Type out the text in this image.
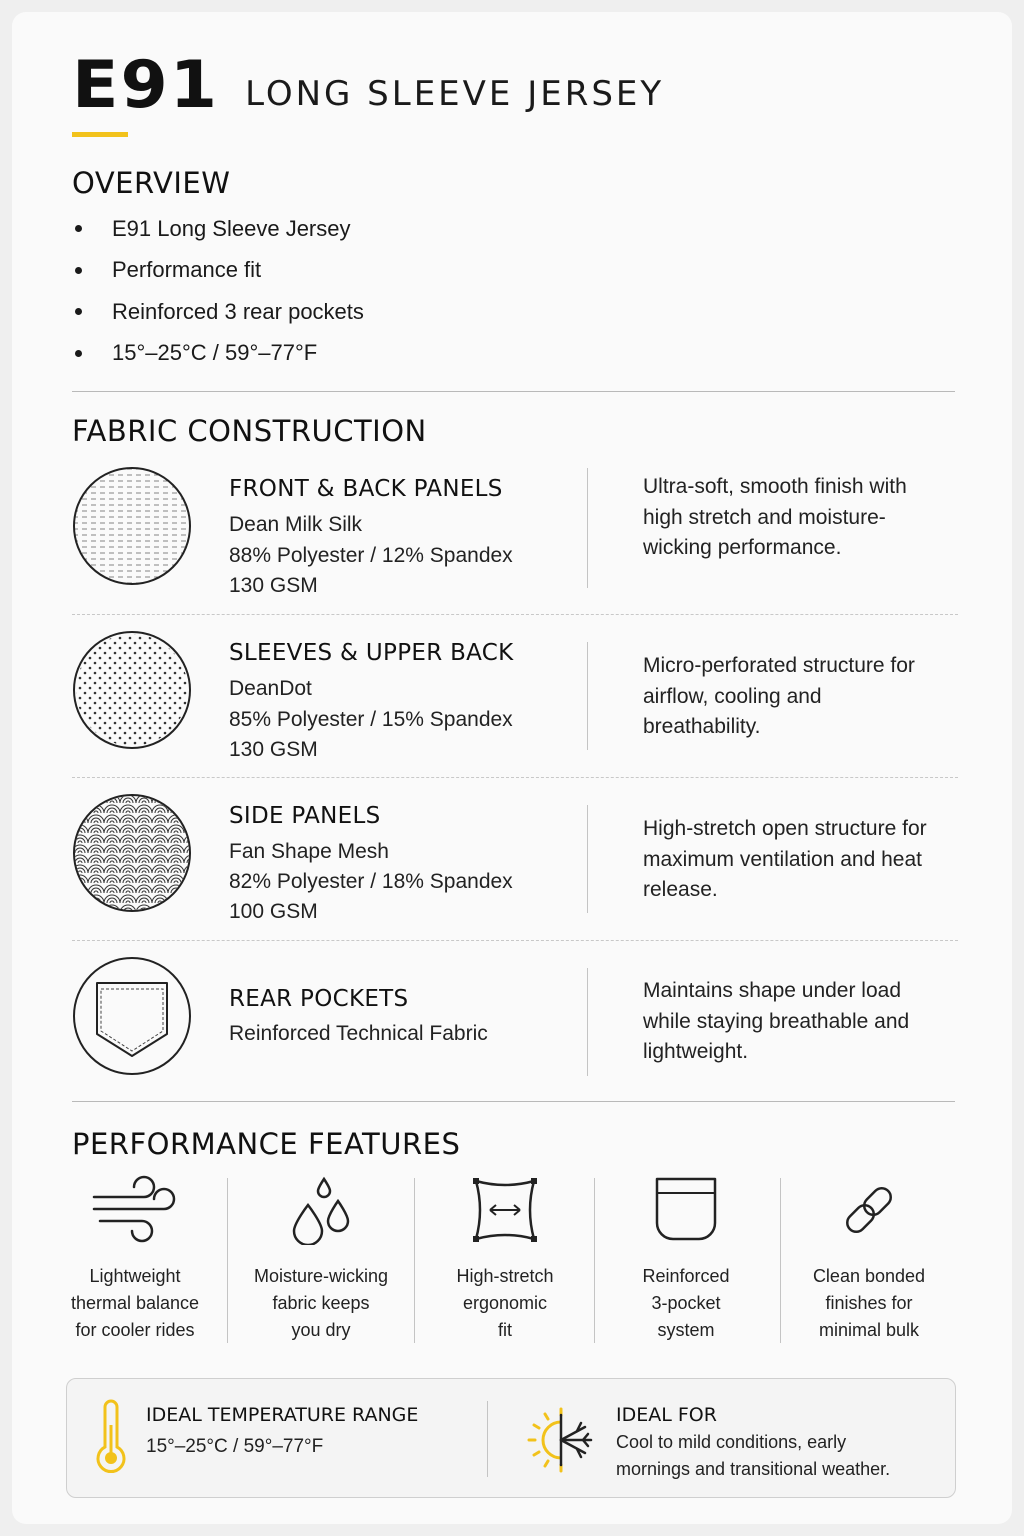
E91 LONG SLEEVE JERSEY
OVERVIEW
E91 Long Sleeve Jersey
Performance fit
Reinforced 3 rear pockets
15°–25°C / 59°–77°F
FABRIC CONSTRUCTION
FRONT & BACK PANELS
Dean Milk Silk
88% Polyester / 12% Spandex
130 GSM
Ultra-soft, smooth finish with high stretch and moisture-wicking performance.
SLEEVES & UPPER BACK
DeanDot
85% Polyester / 15% Spandex
130 GSM
Micro-perforated structure for airflow, cooling and breathability.
SIDE PANELS
Fan Shape Mesh
82% Polyester / 18% Spandex
100 GSM
High-stretch open structure for maximum ventilation and heat release.
REAR POCKETS
Reinforced Technical Fabric
Maintains shape under load while staying breathable and lightweight.
PERFORMANCE FEATURES
Lightweight
thermal balance
for cooler rides
Moisture-wicking
fabric keeps
you dry
High-stretch
ergonomic
fit
Reinforced
3-pocket
system
Clean bonded
finishes for
minimal bulk
IDEAL TEMPERATURE RANGE
15°–25°C / 59°–77°F
IDEAL FOR
Cool to mild conditions, early
mornings and transitional weather.
